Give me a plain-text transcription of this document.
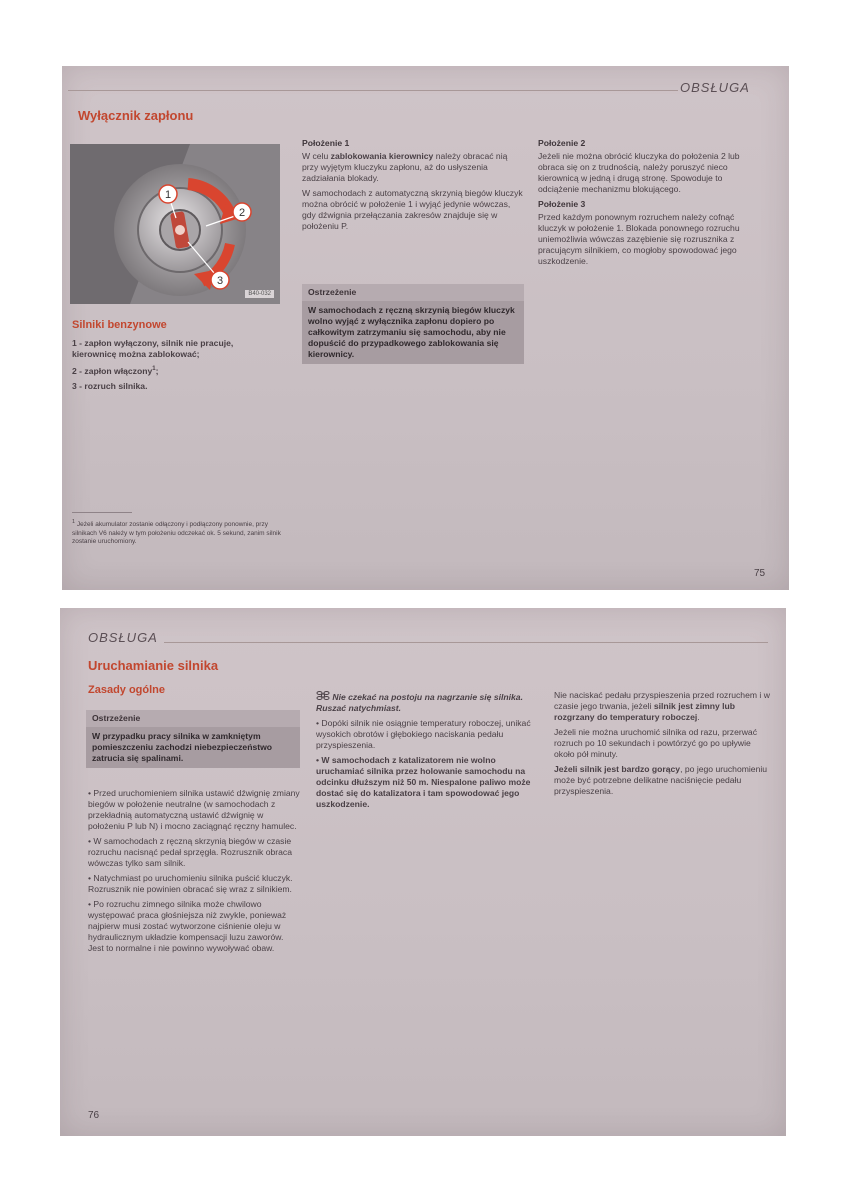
OBSŁUGA
Wyłącznik zapłonu
1
2
3
B40-032
Silniki benzynowe

1 - zapłon wyłączony, silnik nie pracuje, kierownicę można zablokować;

2 - zapłon włączony$^1$;

3 - rozruch silnika.

$^1$ Jeżeli akumulator zostanie odłączony i podłączony ponownie, przy silnikach V6 należy w tym położeniu odczekać ok. 5 sekund, zanim silnik zostanie uruchomiony.

Położenie 1

W celu zablokowania kierownicy należy obracać nią przy wyjętym kluczyku zapłonu, aż do usłyszenia zadziałania blokady.

W samochodach z automatyczną skrzynią biegów kluczyk można obrócić w położenie 1 i wyjąć jedynie wówczas, gdy dźwignia przełączania zakresów znajduje się w położeniu P.

Ostrzeżenie
W samochodach z ręczną skrzynią biegów kluczyk wolno wyjąć z wyłącznika zapłonu dopiero po całkowitym zatrzymaniu się samochodu, aby nie dopuścić do przypadkowego zablokowania się kierownicy.

Położenie 2

Jeżeli nie można obrócić kluczyka do położenia 2 lub obraca się on z trudnością, należy poruszyć nieco kierownicą w jedną i drugą stronę. Spowoduje to odciążenie mechanizmu blokującego.

Położenie 3

Przed każdym ponownym rozruchem należy cofnąć kluczyk w położenie 1. Blokada ponownego rozruchu uniemożliwia wówczas zazębienie się rozrusznika z pracującym silnikiem, co mogłoby spowodować jego uszkodzenie.

75
OBSŁUGA
Uruchamianie silnika
Zasady ogólne
Ostrzeżenie
W przypadku pracy silnika w zamkniętym pomieszczeniu zachodzi niebezpieczeństwo zatrucia się spalinami.

• Przed uruchomieniem silnika ustawić dźwignię zmiany biegów w położenie neutralne (w samochodach z przekładnią automatyczną ustawić dźwignię w położeniu P lub N) i mocno zaciągnąć ręczny hamulec.

• W samochodach z ręczną skrzynią biegów w czasie rozruchu nacisnąć pedał sprzęgła. Rozrusznik obraca wówczas tylko sam silnik.

• Natychmiast po uruchomieniu silnika puścić kluczyk. Rozrusznik nie powinien obracać się wraz z silnikiem.

• Po rozruchu zimnego silnika może chwilowo występować praca głośniejsza niż zwykle, ponieważ najpierw musi zostać wytworzone ciśnienie oleju w hydraulicznym układzie kompensacji luzu zaworów. Jest to normalne i nie powinno wywoływać obaw.

Nie czekać na postoju na nagrzanie się silnika. Ruszać natychmiast.

• Dopóki silnik nie osiągnie temperatury roboczej, unikać wysokich obrotów i głębokiego naciskania pedału przyspieszenia.

• W samochodach z katalizatorem nie wolno uruchamiać silnika przez holowanie samochodu na odcinku dłuższym niż 50 m. Niespalone paliwo może dostać się do katalizatora i tam spowodować jego uszkodzenie.

Nie naciskać pedału przyspieszenia przed rozruchem i w czasie jego trwania, jeżeli silnik jest zimny lub rozgrzany do temperatury roboczej.

Jeżeli nie można uruchomić silnika od razu, przerwać rozruch po 10 sekundach i powtórzyć go po upływie około pół minuty.

Jeżeli silnik jest bardzo gorący, po jego uruchomieniu może być potrzebne delikatne naciśnięcie pedału przyspieszenia.

76
